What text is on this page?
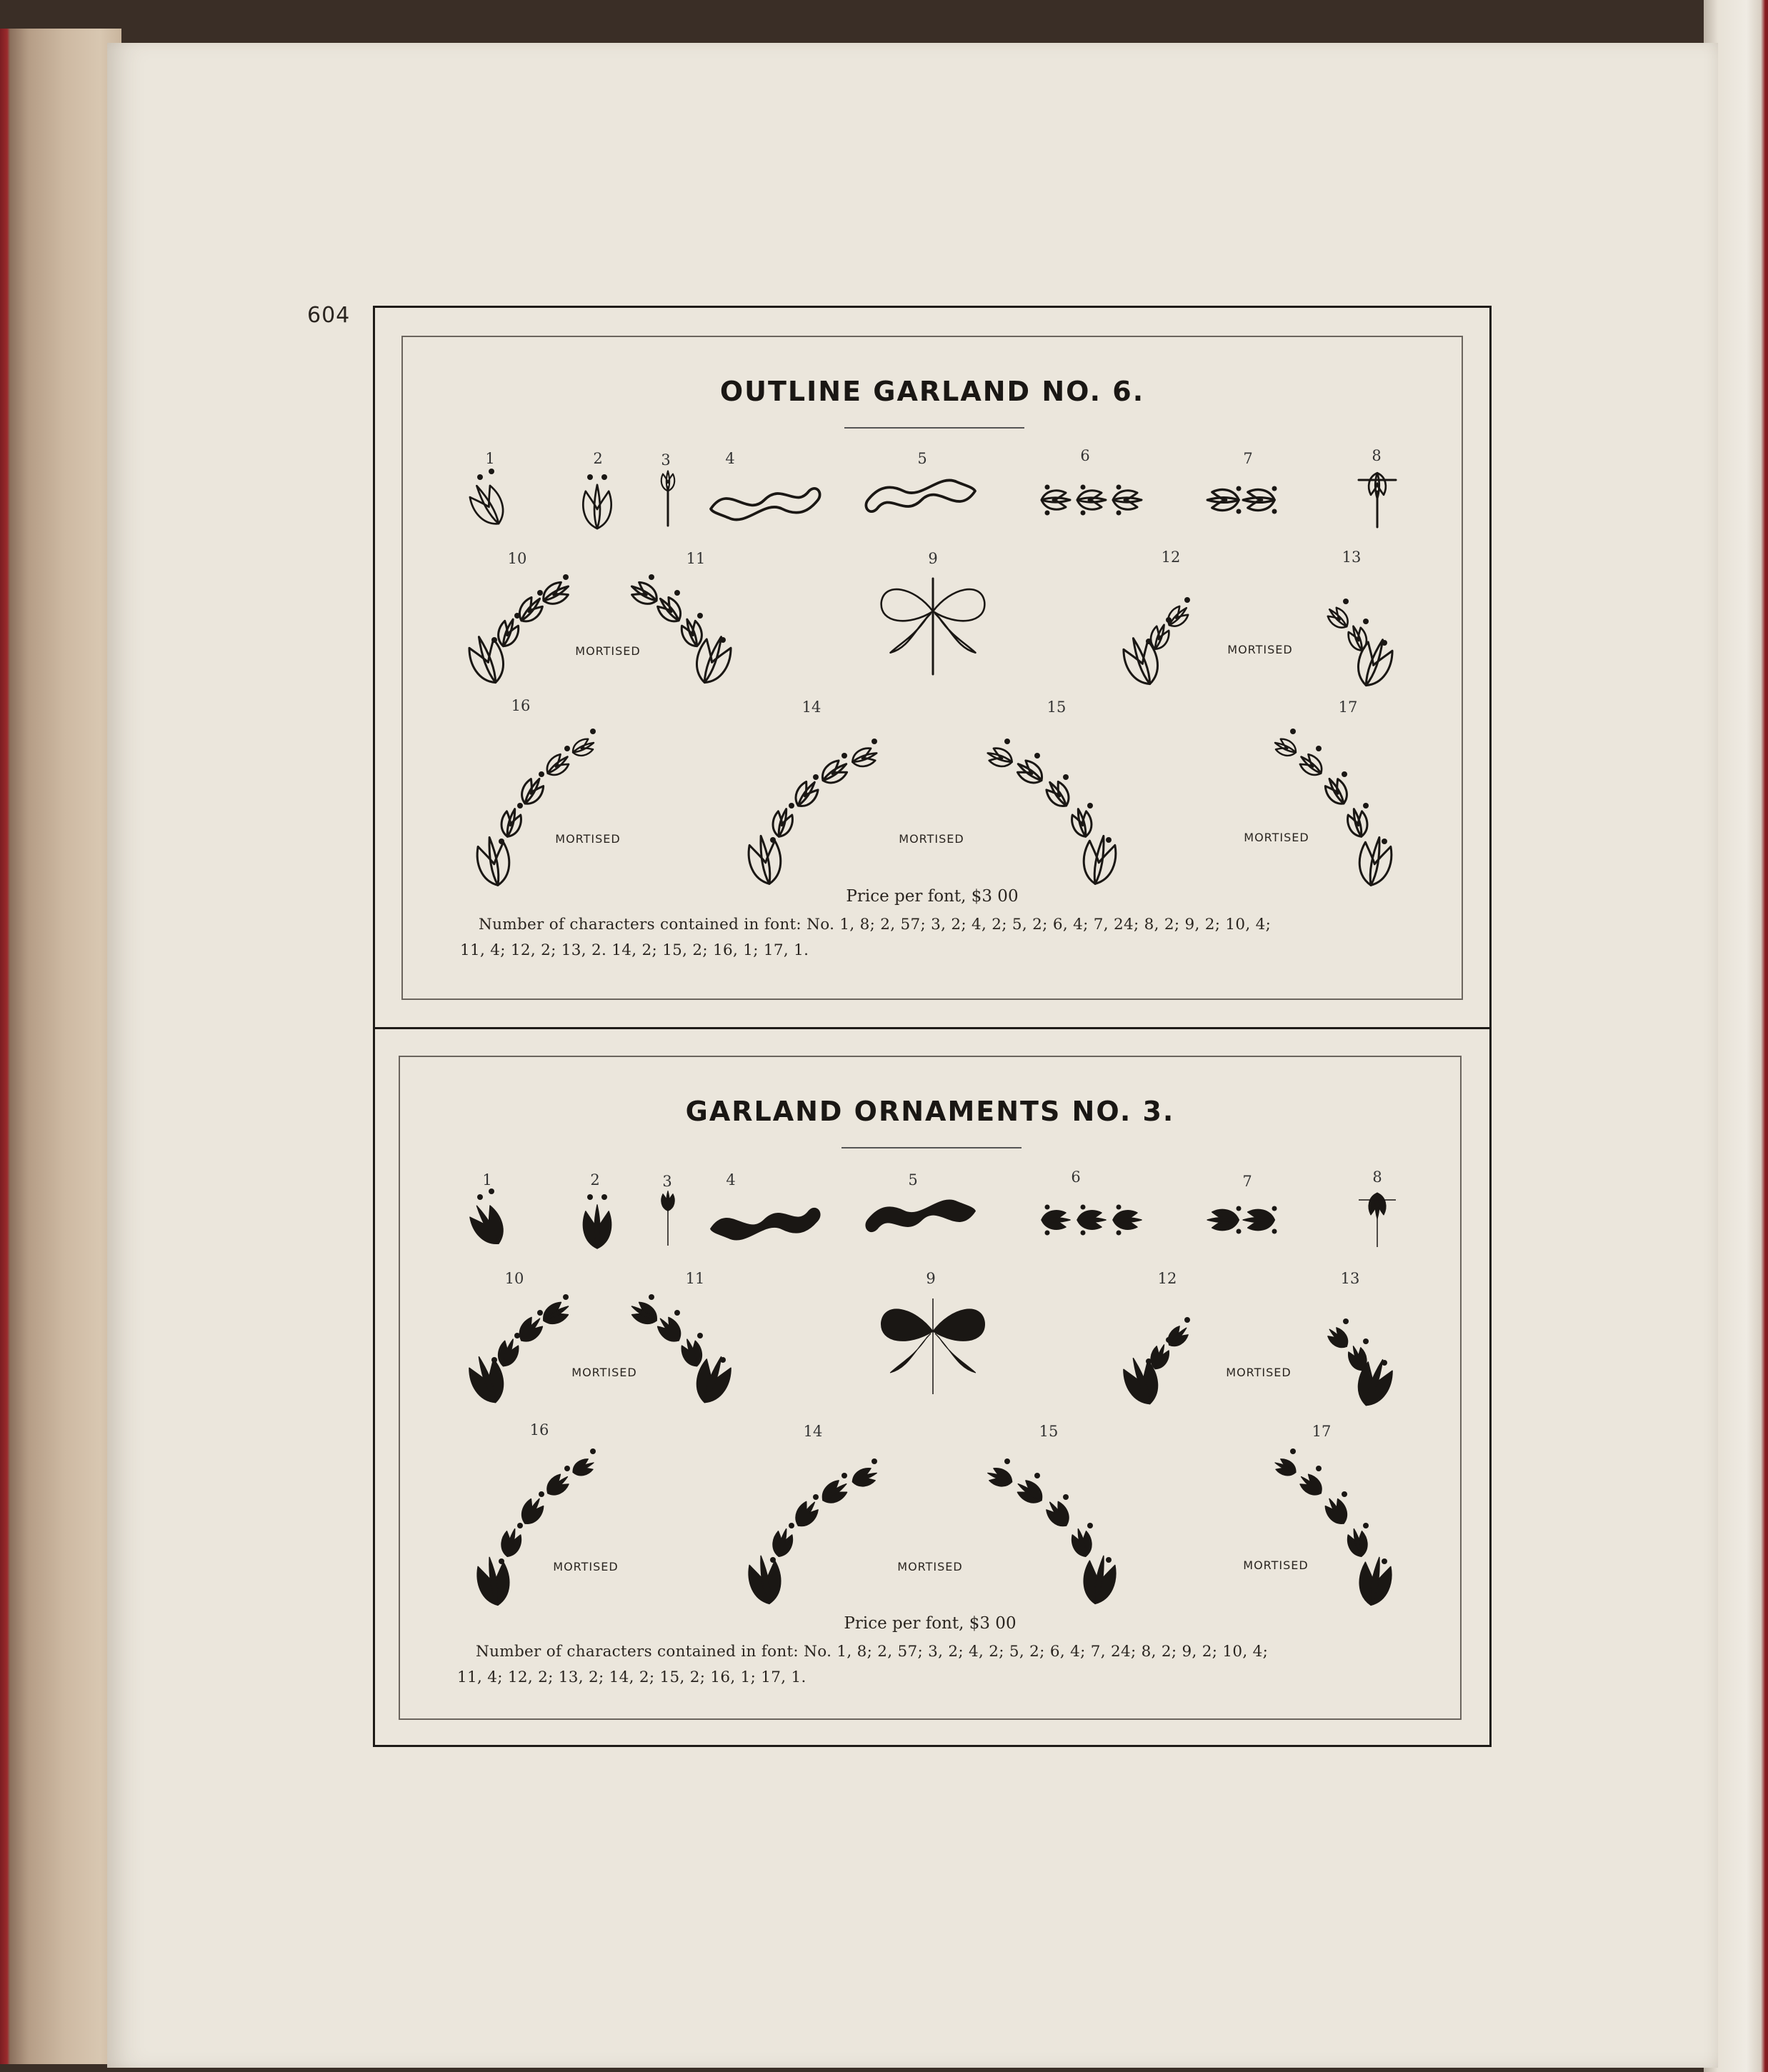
604
OUTLINE GARLAND NO. 6.
1	2	3	4	5	6	7	8
10	11	9	12	13
16	14	15	17
MORTISED	MORTISED
MORTISED	MORTISED	MORTISED
Price per font, $3 00
Number of characters contained in font: No. 1, 8; 2, 57; 3, 2; 4, 2; 5, 2; 6, 4; 7, 24; 8, 2; 9, 2; 10, 4;
11, 4; 12, 2; 13, 2. 14, 2; 15, 2; 16, 1; 17, 1.
GARLAND ORNAMENTS NO. 3.
1	2	3	4	5	6	7	8
10	11	9	12	13
16	14	15	17
MORTISED	MORTISED
MORTISED	MORTISED	MORTISED
Price per font, $3 00
Number of characters contained in font: No. 1, 8; 2, 57; 3, 2; 4, 2; 5, 2; 6, 4; 7, 24; 8, 2; 9, 2; 10, 4;
11, 4; 12, 2; 13, 2; 14, 2; 15, 2; 16, 1; 17, 1.
